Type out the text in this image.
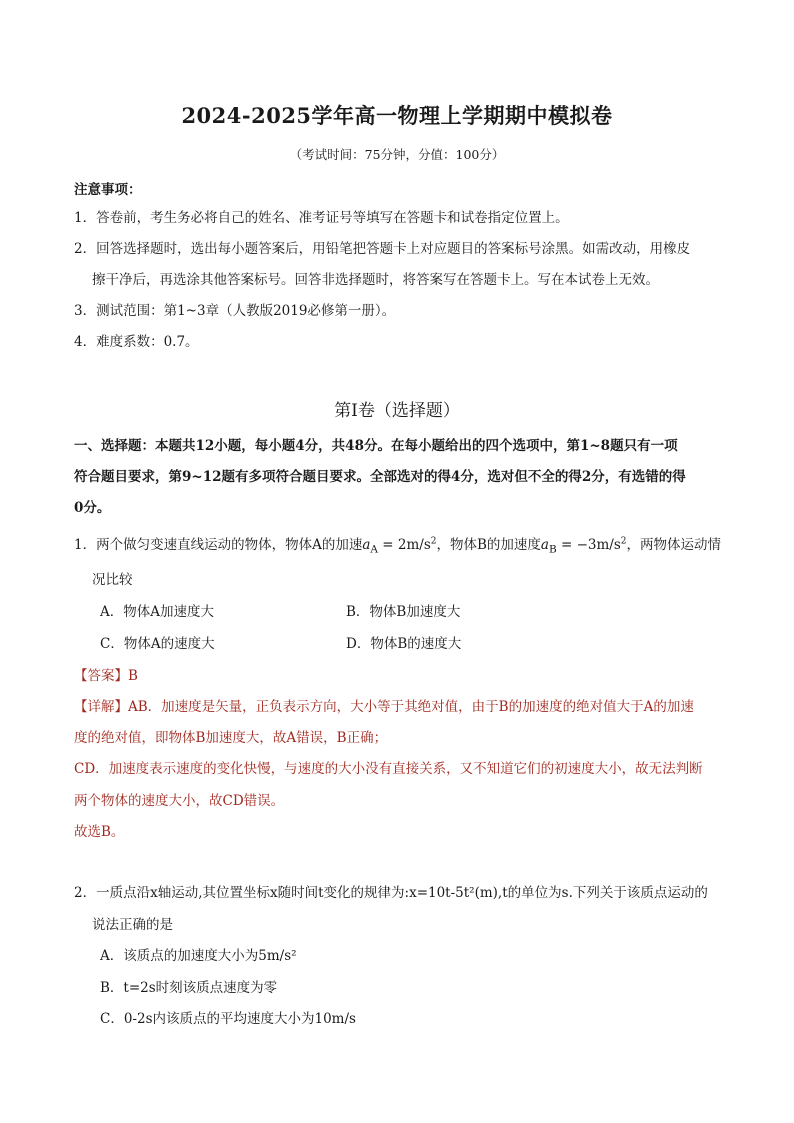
2024-2025学年高一物理上学期期中模拟卷
（考试时间：75分钟，分值：100分）
注意事项：
1．答卷前，考生务必将自己的姓名、准考证号等填写在答题卡和试卷指定位置上。
2．回答选择题时，选出每小题答案后，用铅笔把答题卡上对应题目的答案标号涂黑。如需改动，用橡皮
擦干净后，再选涂其他答案标号。回答非选择题时，将答案写在答题卡上。写在本试卷上无效。
3．测试范围：第1~3章（人教版2019必修第一册）。
4．难度系数：0.7。
第Ⅰ卷（选择题）
一、选择题：本题共12小题，每小题4分，共48分。在每小题给出的四个选项中，第1~8题只有一项
符合题目要求，第9~12题有多项符合题目要求。全部选对的得4分，选对但不全的得2分，有选错的得
0分。
1．两个做匀变速直线运动的物体，物体A的加速$a_A = 2m/s^2$，物体B的加速度$a_B = -3m/s^2$，两物体运动情
况比较
A．物体A加速度大	B．物体B加速度大
C．物体A的速度大	D．物体B的速度大
【答案】B
【详解】AB．加速度是矢量，正负表示方向，大小等于其绝对值，由于B的加速度的绝对值大于A的加速
度的绝对值，即物体B加速度大，故A错误，B正确；
CD．加速度表示速度的变化快慢，与速度的大小没有直接关系，又不知道它们的初速度大小，故无法判断
两个物体的速度大小，故CD错误。
故选B。
2．一质点沿x轴运动,其位置坐标x随时间t变化的规律为:x=10t-5t²(m),t的单位为s.下列关于该质点运动的
说法正确的是
A．该质点的加速度大小为5m/s²
B．t=2s时刻该质点速度为零
C．0-2s内该质点的平均速度大小为10m/s
